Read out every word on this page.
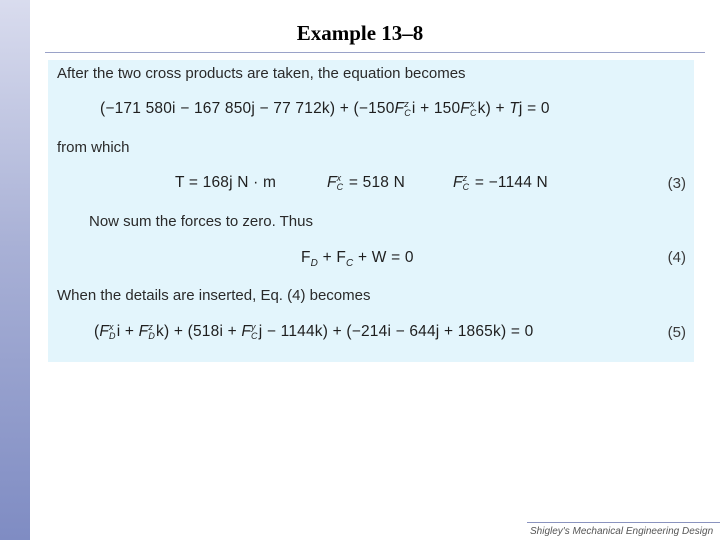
Example 13–8
After the two cross products are taken, the equation becomes
(−171 580i − 167 850j − 77 712k) + (−150F z
C i + 150F x
C k) + Tj = 0
from which
T = 168j N · m	F x
C = 518 N	F z
C = −1144 N	(3)
Now sum the forces to zero. Thus
$F_D + F_C + W = 0$	(4)
When the details are inserted, Eq. (4) becomes
(F x
D i + F z
D k) + (518i + F y
C j − 1144k) + (−214i − 644j + 1865k) = 0	(5)
Shigley's Mechanical Engineering Design
